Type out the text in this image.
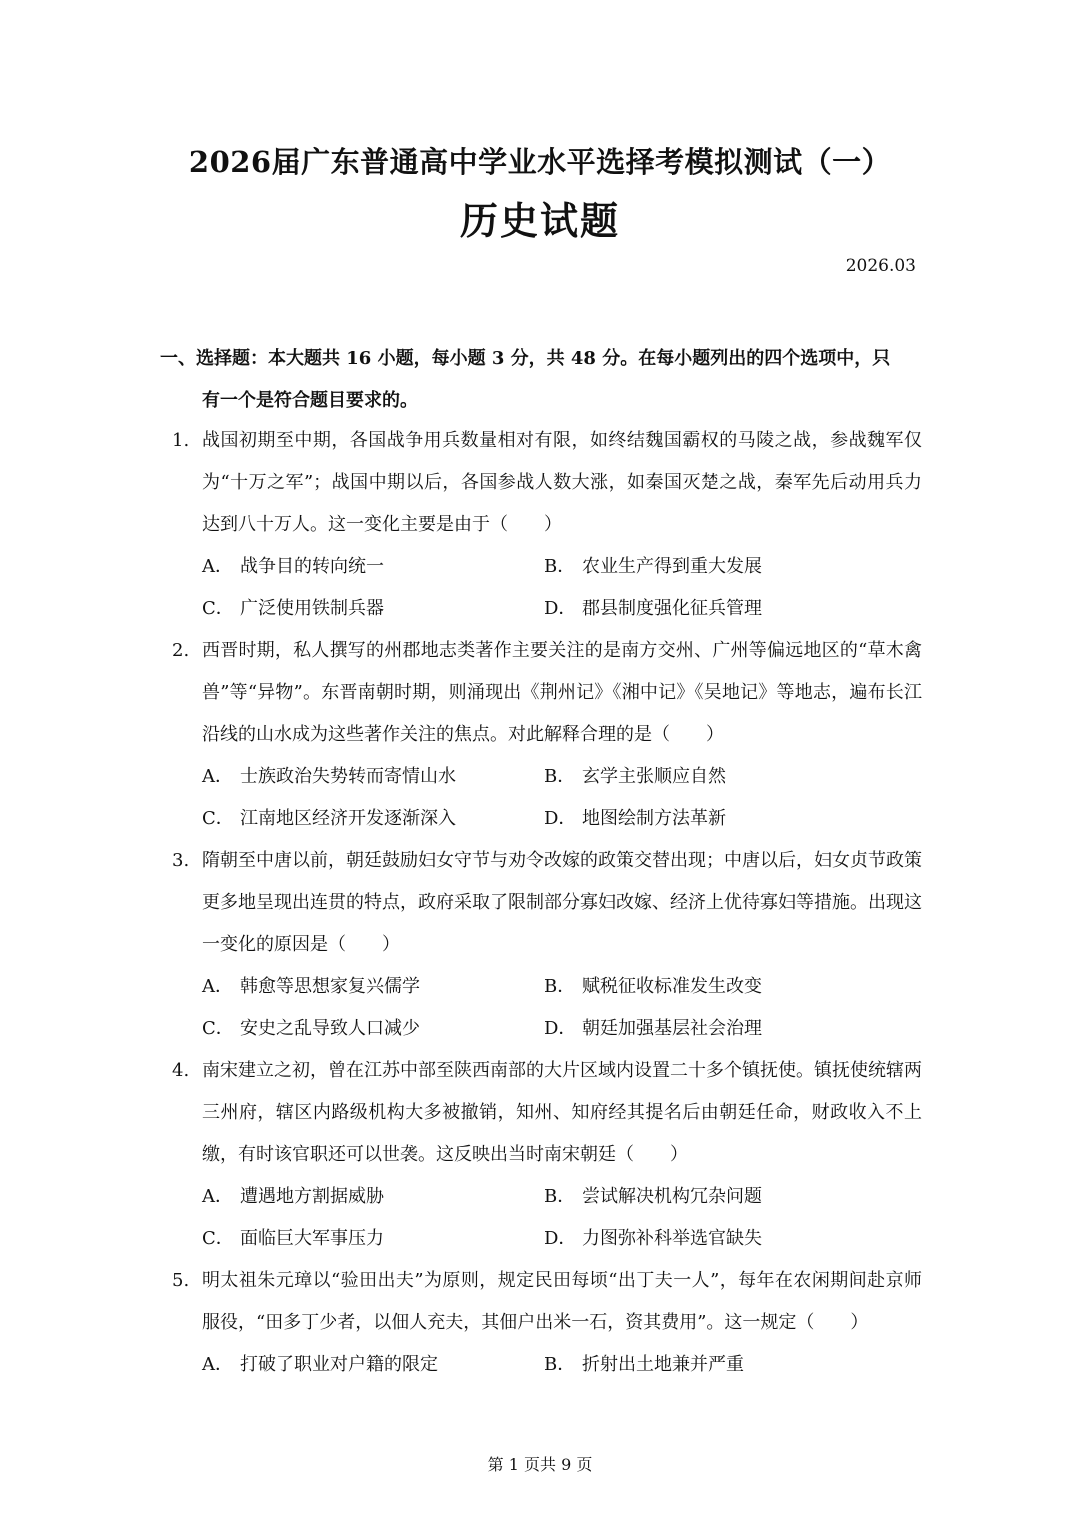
2026届广东普通高中学业水平选择考模拟测试（一）
历史试题
2026.03
一、选择题：本大题共 16 小题，每小题 3 分，共 48 分。在每小题列出的四个选项中，只
有一个是符合题目要求的。
1. 战国初期至中期，各国战争用兵数量相对有限，如终结魏国霸权的马陵之战，参战魏军仅为“十万之军”；战国中期以后，各国参战人数大涨，如秦国灭楚之战，秦军先后动用兵力达到八十万人。这一变化主要是由于（　　）
A． 战争目的转向统一	B． 农业生产得到重大发展
C． 广泛使用铁制兵器	D． 郡县制度强化征兵管理
2. 西晋时期，私人撰写的州郡地志类著作主要关注的是南方交州、广州等偏远地区的“草木禽兽”等“异物”。东晋南朝时期，则涌现出《荆州记》《湘中记》《吴地记》等地志，遍布长江沿线的山水成为这些著作关注的焦点。对此解释合理的是（　　）
A． 士族政治失势转而寄情山水	B． 玄学主张顺应自然
C． 江南地区经济开发逐渐深入	D． 地图绘制方法革新
3. 隋朝至中唐以前，朝廷鼓励妇女守节与劝令改嫁的政策交替出现；中唐以后，妇女贞节政策更多地呈现出连贯的特点，政府采取了限制部分寡妇改嫁、经济上优待寡妇等措施。出现这一变化的原因是（　　）
A． 韩愈等思想家复兴儒学	B． 赋税征收标准发生改变
C． 安史之乱导致人口减少	D． 朝廷加强基层社会治理
4. 南宋建立之初，曾在江苏中部至陕西南部的大片区域内设置二十多个镇抚使。镇抚使统辖两三州府，辖区内路级机构大多被撤销，知州、知府经其提名后由朝廷任命，财政收入不上缴，有时该官职还可以世袭。这反映出当时南宋朝廷（　　）
A． 遭遇地方割据威胁	B． 尝试解决机构冗杂问题
C． 面临巨大军事压力	D． 力图弥补科举选官缺失
5. 明太祖朱元璋以“验田出夫”为原则，规定民田每顷“出丁夫一人”，每年在农闲期间赴京师服役，“田多丁少者，以佃人充夫，其佃户出米一石，资其费用”。这一规定（　　）
A． 打破了职业对户籍的限定	B． 折射出土地兼并严重
第 1 页共 9 页
